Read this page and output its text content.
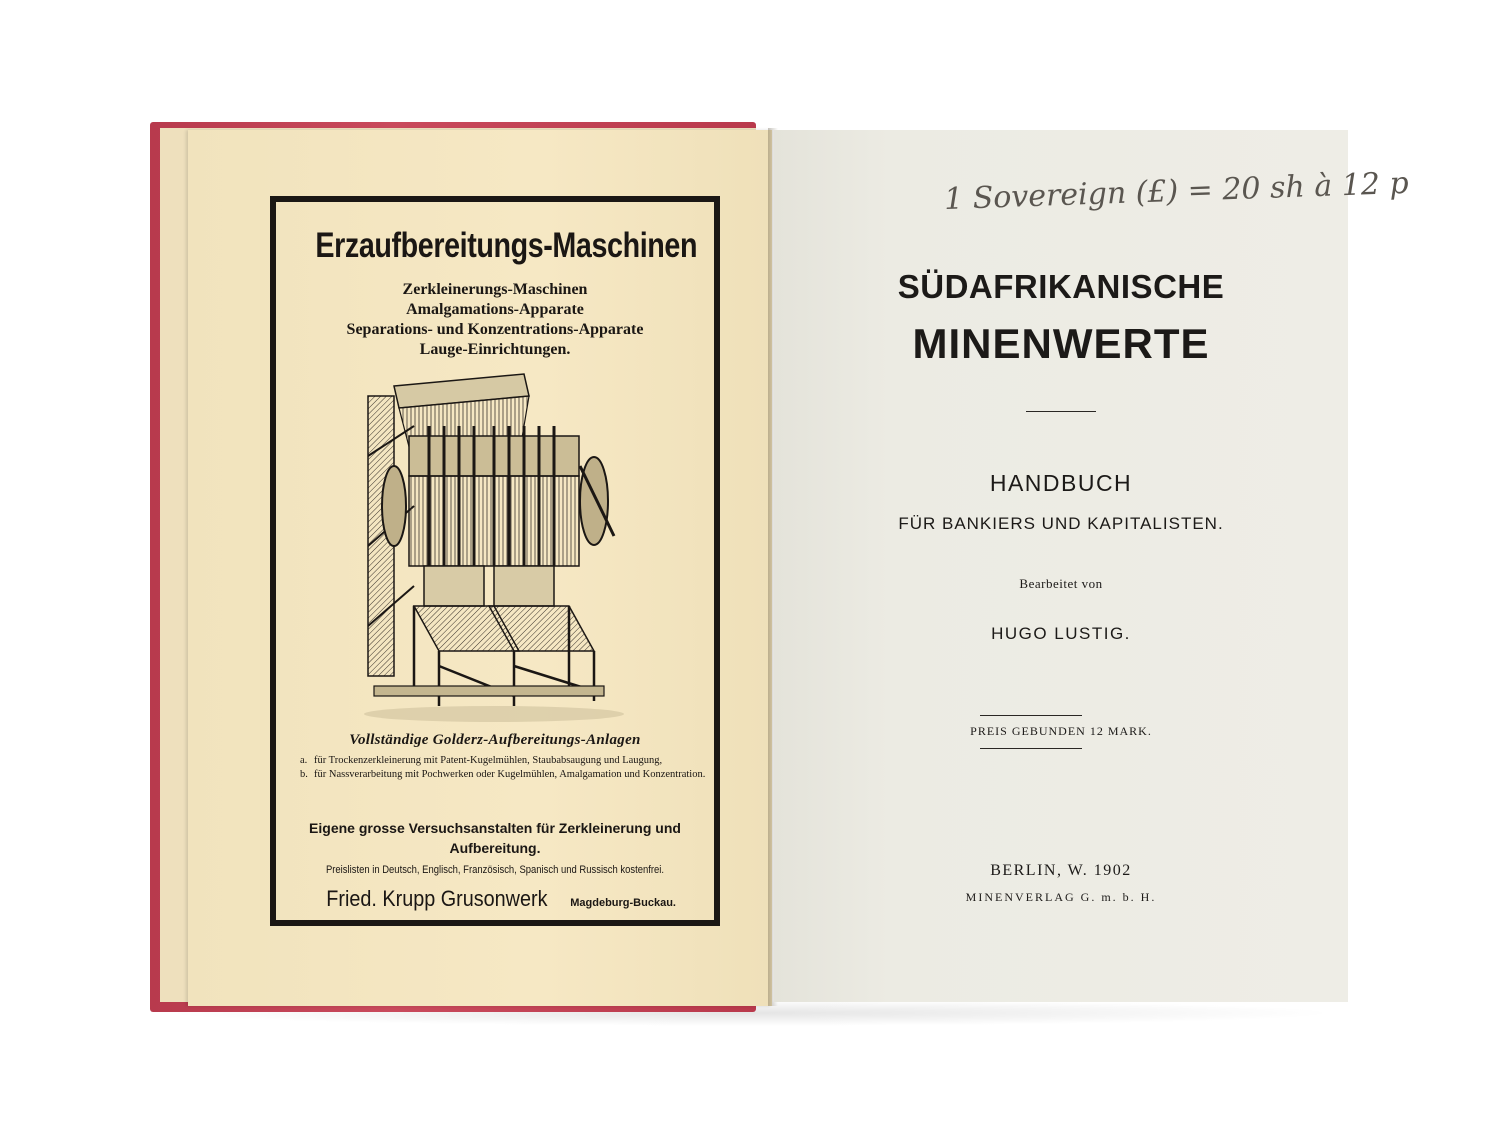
Erzaufbereitungs-Maschinen
Zerkleinerungs-Maschinen
Amalgamations-Apparate
Separations- und Konzentrations-Apparate
Lauge-Einrichtungen.
Vollständige Golderz-Aufbereitungs-Anlagen
a. für Trockenzerkleinerung mit Patent-Kugelmühlen, Staubabsaugung und Laugung,
b. für Nassverarbeitung mit Pochwerken oder Kugelmühlen, Amalgamation und Konzentration.
Eigene grosse Versuchsanstalten für Zerkleinerung und Aufbereitung.
Preislisten in Deutsch, Englisch, Französisch, Spanisch und Russisch kostenfrei.
Fried. Krupp Grusonwerk Magdeburg-Buckau.
1 Sovereign (£) = 20 sh à 12 p
SÜDAFRIKANISCHE
MINENWERTE
HANDBUCH
FÜR BANKIERS UND KAPITALISTEN.
Bearbeitet von
HUGO LUSTIG.
PREIS GEBUNDEN 12 MARK.
BERLIN, W. 1902
MINENVERLAG G. m. b. H.
